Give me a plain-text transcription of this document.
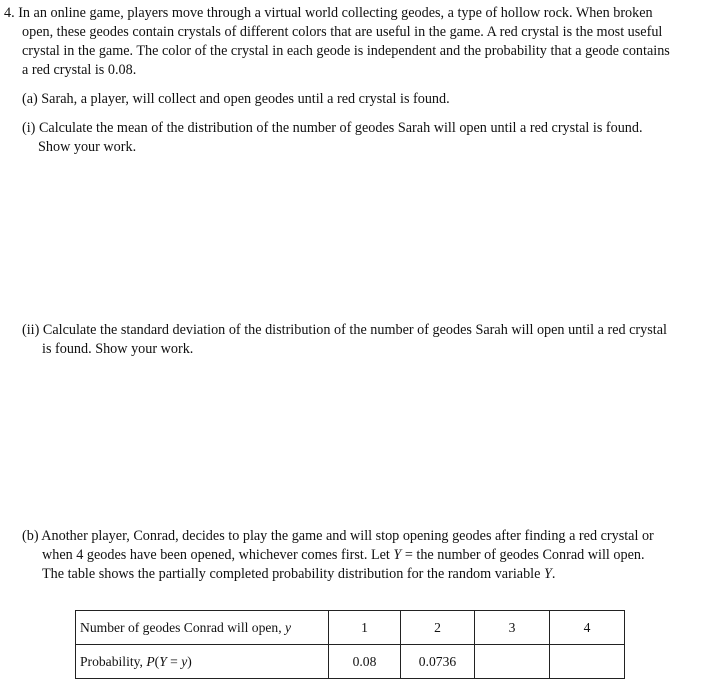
4. In an online game, players move through a virtual world collecting geodes, a type of hollow rock. When broken
open, these geodes contain crystals of different colors that are useful in the game. A red crystal is the most useful
crystal in the game. The color of the crystal in each geode is independent and the probability that a geode contains
a red crystal is 0.08.
(a) Sarah, a player, will collect and open geodes until a red crystal is found.
(i) Calculate the mean of the distribution of the number of geodes Sarah will open until a red crystal is found.
Show your work.
(ii) Calculate the standard deviation of the distribution of the number of geodes Sarah will open until a red crystal
is found. Show your work.
(b) Another player, Conrad, decides to play the game and will stop opening geodes after finding a red crystal or
when 4 geodes have been opened, whichever comes first. Let Y = the number of geodes Conrad will open.
The table shows the partially completed probability distribution for the random variable Y.
Number of geodes Conrad will open, y	1	2	3	4
Probability, P(Y = y)	0.08	0.0736		
